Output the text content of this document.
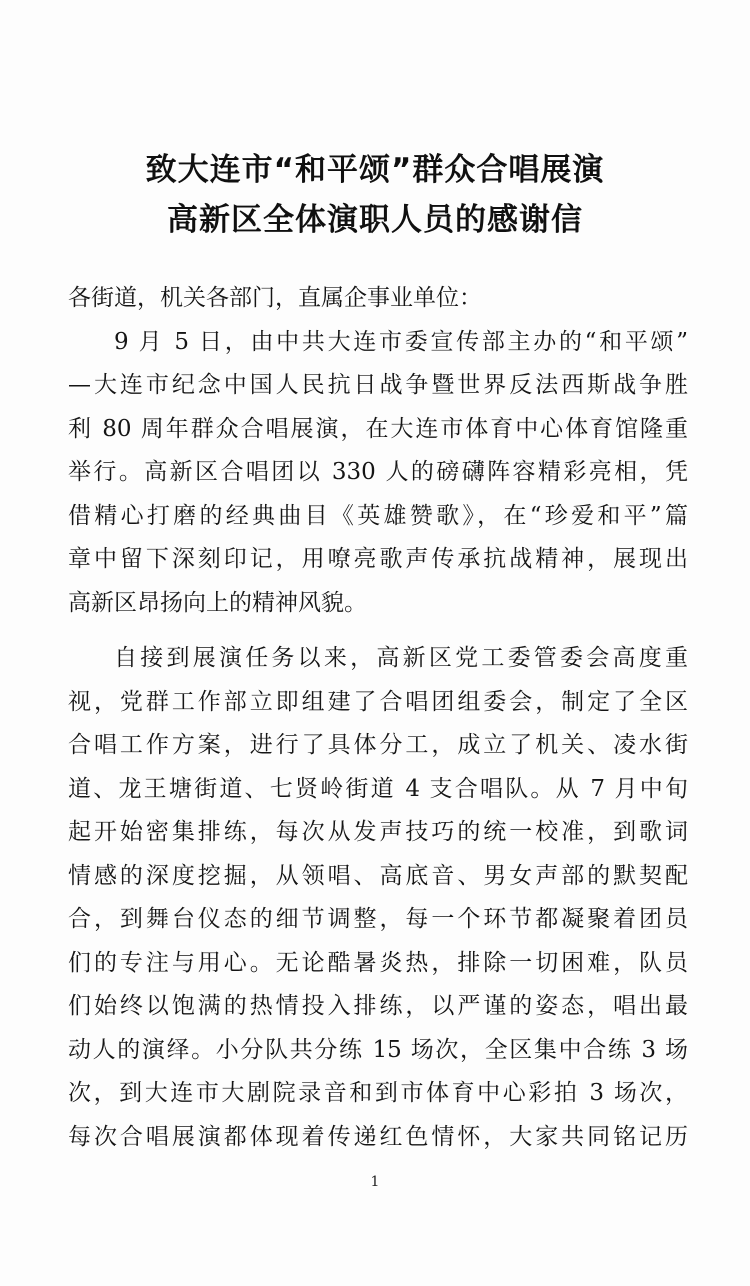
致大连市“和平颂”群众合唱展演
高新区全体演职人员的感谢信
各街道，机关各部门，直属企事业单位：
9 月 5 日，由中共大连市委宣传部主办的“和平颂”
—大连市纪念中国人民抗日战争暨世界反法西斯战争胜
利 80 周年群众合唱展演，在大连市体育中心体育馆隆重
举行。高新区合唱团以 330 人的磅礴阵容精彩亮相，凭
借精心打磨的经典曲目《英雄赞歌》，在“珍爱和平”篇
章中留下深刻印记，用嘹亮歌声传承抗战精神，展现出
高新区昂扬向上的精神风貌。
自接到展演任务以来，高新区党工委管委会高度重
视，党群工作部立即组建了合唱团组委会，制定了全区
合唱工作方案，进行了具体分工，成立了机关、凌水街
道、龙王塘街道、七贤岭街道 4 支合唱队。从 7 月中旬
起开始密集排练，每次从发声技巧的统一校准，到歌词
情感的深度挖掘，从领唱、高底音、男女声部的默契配
合，到舞台仪态的细节调整，每一个环节都凝聚着团员
们的专注与用心。无论酷暑炎热，排除一切困难，队员
们始终以饱满的热情投入排练，以严谨的姿态，唱出最
动人的演绎。小分队共分练 15 场次，全区集中合练 3 场
次，到大连市大剧院录音和到市体育中心彩拍 3 场次，
每次合唱展演都体现着传递红色情怀，大家共同铭记历
1
